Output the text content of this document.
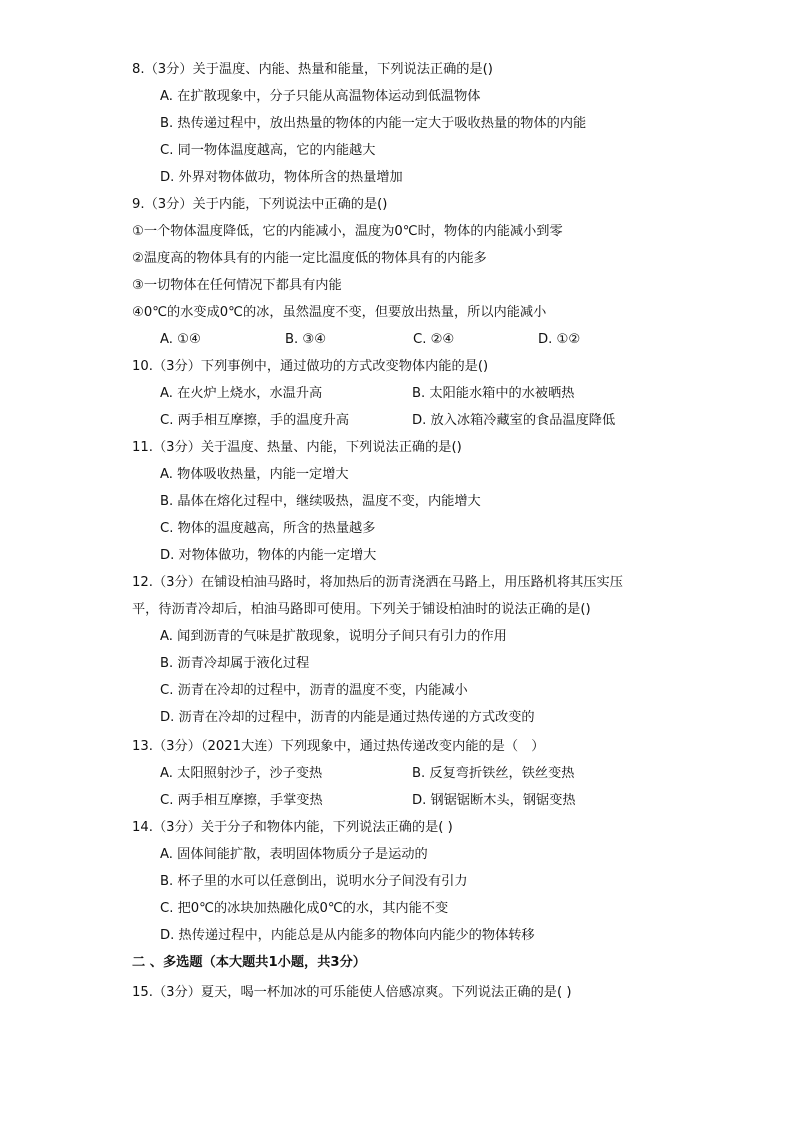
8.（3分）关于温度、内能、热量和能量，下列说法正确的是()
A. 在扩散现象中，分子只能从高温物体运动到低温物体
B. 热传递过程中，放出热量的物体的内能一定大于吸收热量的物体的内能
C. 同一物体温度越高，它的内能越大
D. 外界对物体做功，物体所含的热量增加
9.（3分）关于内能，下列说法中正确的是()
①一个物体温度降低，它的内能减小，温度为0℃时，物体的内能减小到零
②温度高的物体具有的内能一定比温度低的物体具有的内能多
③一切物体在任何情况下都具有内能
④0℃的水变成0℃的冰，虽然温度不变，但要放出热量，所以内能减小
A. ①④	B. ③④	C. ②④	D. ①②
10.（3分）下列事例中，通过做功的方式改变物体内能的是()
A. 在火炉上烧水，水温升高	B. 太阳能水箱中的水被晒热
C. 两手相互摩擦，手的温度升高	D. 放入冰箱冷藏室的食品温度降低
11.（3分）关于温度、热量、内能，下列说法正确的是()
A. 物体吸收热量，内能一定增大
B. 晶体在熔化过程中，继续吸热，温度不变，内能增大
C. 物体的温度越高，所含的热量越多
D. 对物体做功，物体的内能一定增大
12.（3分）在铺设柏油马路时，将加热后的沥青浇洒在马路上，用压路机将其压实压
平，待沥青冷却后，柏油马路即可使用。下列关于铺设柏油时的说法正确的是()
A. 闻到沥青的气味是扩散现象，说明分子间只有引力的作用
B. 沥青冷却属于液化过程
C. 沥青在冷却的过程中，沥青的温度不变，内能减小
D. 沥青在冷却的过程中，沥青的内能是通过热传递的方式改变的
13.（3分）（2021大连）下列现象中，通过热传递改变内能的是（　）
A. 太阳照射沙子，沙子变热	B. 反复弯折铁丝，铁丝变热
C. 两手相互摩擦，手掌变热	D. 钢锯锯断木头，钢锯变热
14.（3分）关于分子和物体内能，下列说法正确的是( )
A. 固体间能扩散，表明固体物质分子是运动的
B. 杯子里的水可以任意倒出，说明水分子间没有引力
C. 把0℃的冰块加热融化成0℃的水，其内能不变
D. 热传递过程中，内能总是从内能多的物体向内能少的物体转移
二 、多选题（本大题共1小题，共3分）
15.（3分）夏天，喝一杯加冰的可乐能使人倍感凉爽。下列说法正确的是( )
